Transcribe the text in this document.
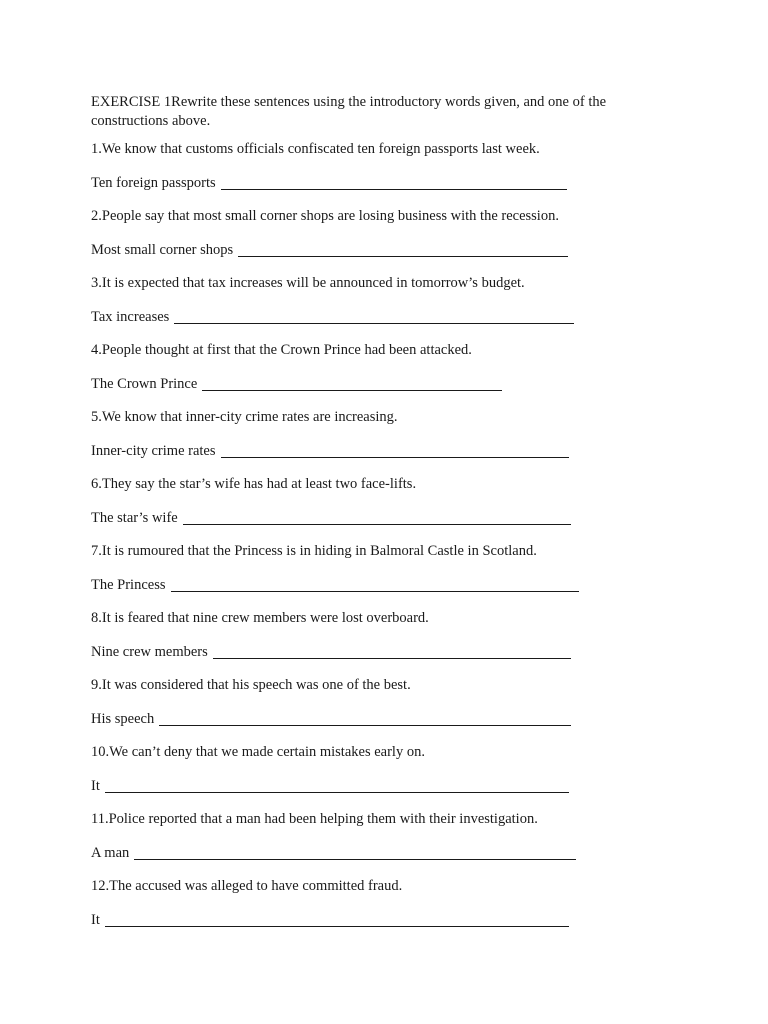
EXERCISE 1Rewrite these sentences using the introductory words given, and one of the constructions above.

1.We know that customs officials confiscated ten foreign passports last week.
Ten foreign passports
2.People say that most small corner shops are losing business with the recession.
Most small corner shops
3.It is expected that tax increases will be announced in tomorrow’s budget.
Tax increases
4.People thought at first that the Crown Prince had been attacked.
The Crown Prince
5.We know that inner-city crime rates are increasing.
Inner-city crime rates
6.They say the star’s wife has had at least two face-lifts.
The star’s wife
7.It is rumoured that the Princess is in hiding in Balmoral Castle in Scotland.
The Princess
8.It is feared that nine crew members were lost overboard.
Nine crew members
9.It was considered that his speech was one of the best.
His speech
10.We can’t deny that we made certain mistakes early on.
It
11.Police reported that a man had been helping them with their investigation.
A man
12.The accused was alleged to have committed fraud.
It
